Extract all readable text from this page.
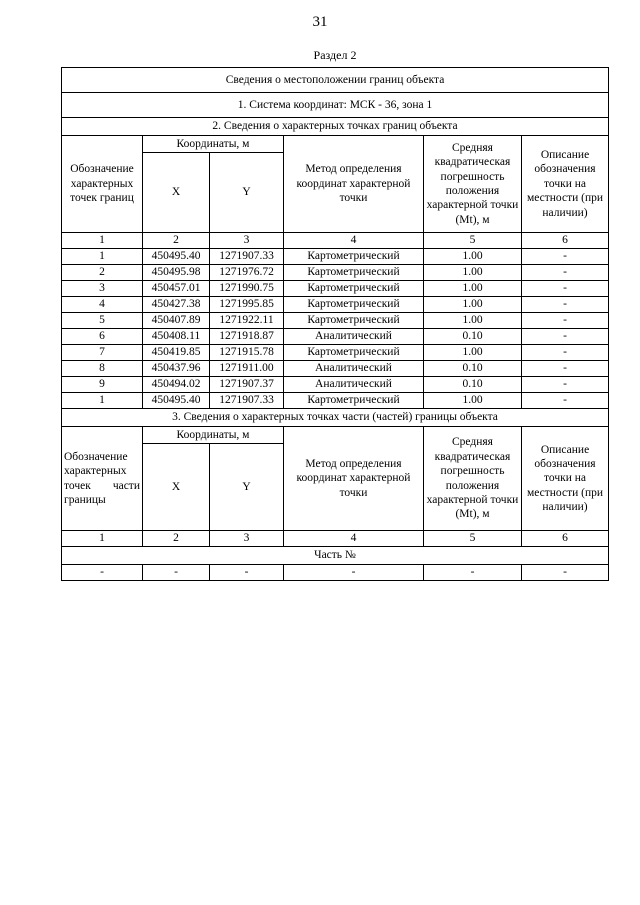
31
Раздел 2
Сведения о местоположении границ объекта					
1. Система координат: МСК - 36, зона 1					
2. Сведения о характерных точках границ объекта					
Обозначение характерных точек границ	Координаты, м		Метод определения координат характерной точки	Средняя квадратическая погрешность положения характерной точки (Mt), м	Описание обозначения точки на местности (при наличии)
	X	Y			
1	2	3	4	5	6
1	450495.40	1271907.33	Картометрический	1.00	-
2	450495.98	1271976.72	Картометрический	1.00	-
3	450457.01	1271990.75	Картометрический	1.00	-
4	450427.38	1271995.85	Картометрический	1.00	-
5	450407.89	1271922.11	Картометрический	1.00	-
6	450408.11	1271918.87	Аналитический	0.10	-
7	450419.85	1271915.78	Картометрический	1.00	-
8	450437.96	1271911.00	Аналитический	0.10	-
9	450494.02	1271907.37	Аналитический	0.10	-
1	450495.40	1271907.33	Картометрический	1.00	-
3. Сведения о характерных точках части (частей) границы объекта					

Обозначение характерных точек части границы	Координаты, м		Метод определения координат характерной точки	Средняя квадратическая погрешность положения характерной точки (Mt), м	Описание обозначения точки на местности (при наличии)
	X	Y			
1	2	3	4	5	6
Часть №					
-	-	-	-	-	-
